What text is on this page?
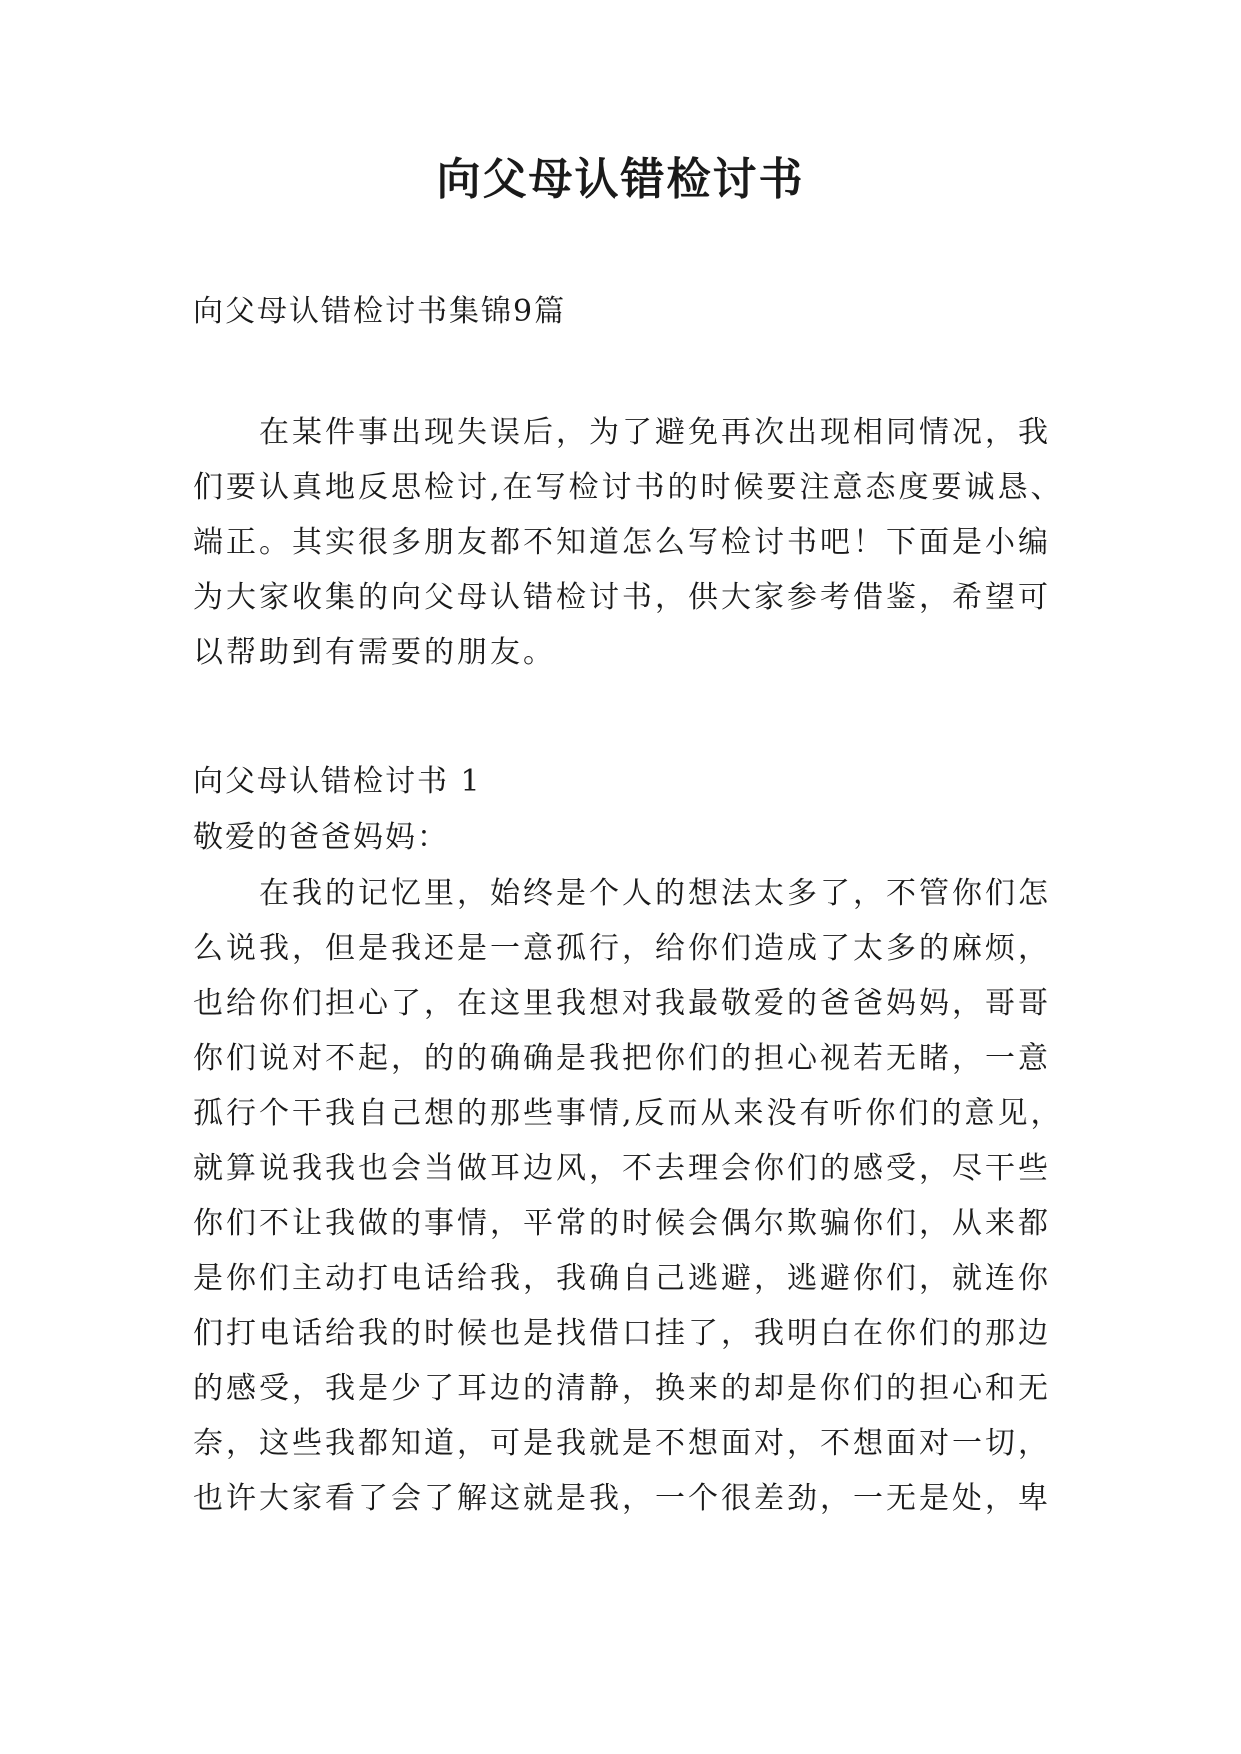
向父母认错检讨书

向父母认错检讨书集锦9篇

　　在某件事出现失误后，为了避免再次出现相同情况，我
们要认真地反思检讨,在写检讨书的时候要注意态度要诚恳、
端正。其实很多朋友都不知道怎么写检讨书吧！下面是小编
为大家收集的向父母认错检讨书，供大家参考借鉴，希望可
以帮助到有需要的朋友。

向父母认错检讨书 1

敬爱的爸爸妈妈：

　　在我的记忆里，始终是个人的想法太多了，不管你们怎
么说我，但是我还是一意孤行，给你们造成了太多的麻烦，
也给你们担心了，在这里我想对我最敬爱的爸爸妈妈，哥哥
你们说对不起，的的确确是我把你们的担心视若无睹，一意
孤行个干我自己想的那些事情,反而从来没有听你们的意见，
就算说我我也会当做耳边风，不去理会你们的感受，尽干些
你们不让我做的事情，平常的时候会偶尔欺骗你们，从来都
是你们主动打电话给我，我确自己逃避，逃避你们，就连你
们打电话给我的时候也是找借口挂了，我明白在你们的那边
的感受，我是少了耳边的清静，换来的却是你们的担心和无
奈，这些我都知道，可是我就是不想面对，不想面对一切，
也许大家看了会了解这就是我，一个很差劲，一无是处，卑
